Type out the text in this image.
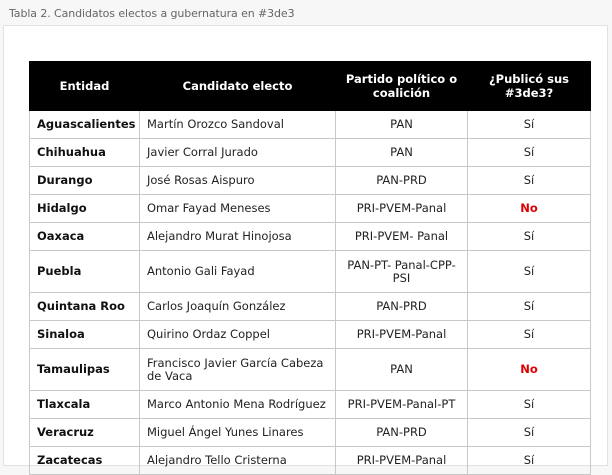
Tabla 2. Candidatos electos a gubernatura en #3de3
Entidad	Candidato electo	Partido político o coalición	¿Publicó sus #3de3?
Aguascalientes	Martín Orozco Sandoval	PAN	Sí
Chihuahua	Javier Corral Jurado	PAN	Sí
Durango	José Rosas Aispuro	PAN-PRD	Sí
Hidalgo	Omar Fayad Meneses	PRI-PVEM-Panal	No
Oaxaca	Alejandro Murat Hinojosa	PRI-PVEM- Panal	Sí
Puebla	Antonio Gali Fayad	PAN-PT- Panal-CPP-PSI	Sí
Quintana Roo	Carlos Joaquín González	PAN-PRD	Sí
Sinaloa	Quirino Ordaz Coppel	PRI-PVEM-Panal	Sí
Tamaulipas	Francisco Javier García Cabeza de Vaca	PAN	No
Tlaxcala	Marco Antonio Mena Rodríguez	PRI-PVEM-Panal-PT	Sí
Veracruz	Miguel Ángel Yunes Linares	PAN-PRD	Sí
Zacatecas	Alejandro Tello Cristerna	PRI-PVEM-Panal	Sí
